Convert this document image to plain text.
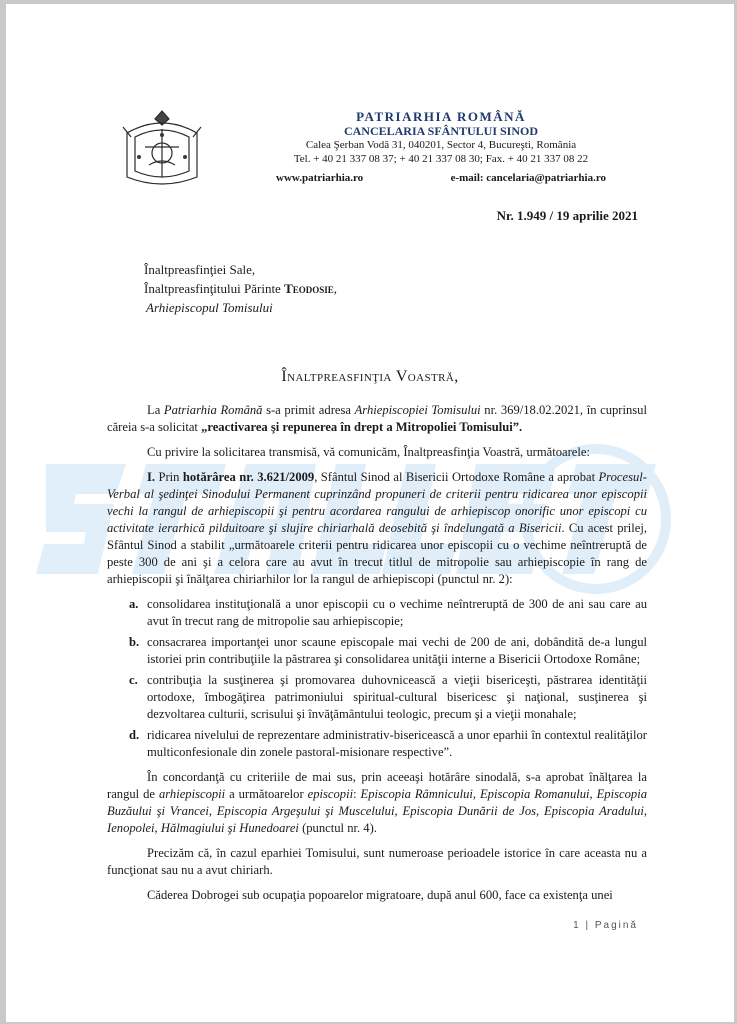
PATRIARHIA ROMÂNĂ
CANCELARIA SFÂNTULUI SINOD
Calea Şerban Vodă 31, 040201, Sector 4, Bucureşti, România
Tel. + 40 21 337 08 37; + 40 21 337 08 30; Fax. + 40 21 337 08 22
www.patriarhia.ro	e-mail: cancelaria@patriarhia.ro
Nr. 1.949 / 19 aprilie 2021
Înaltpreasfinţiei Sale,
Înaltpreasfinţitului Părinte Teodosie,
Arhiepiscopul Tomisului
Înaltpreasfinţia Voastră,

La Patriarhia Română s-a primit adresa Arhiepiscopiei Tomisului nr. 369/18.02.2021, în cuprinsul căreia s-a solicitat „reactivarea şi repunerea în drept a Mitropoliei Tomisului”.

Cu privire la solicitarea transmisă, vă comunicăm, Înaltpreasfinţia Voastră, următoarele:

I. Prin hotărârea nr. 3.621/2009, Sfântul Sinod al Bisericii Ortodoxe Române a aprobat Procesul-Verbal al şedinţei Sinodului Permanent cuprinzând propuneri de criterii pentru ridicarea unor episcopii vechi la rangul de arhiepiscopii şi pentru acordarea rangului de arhiepiscop onorific unor episcopi cu activitate ierarhică pilduitoare şi slujire chiriarhală deosebită şi îndelungată a Bisericii. Cu acest prilej, Sfântul Sinod a stabilit „următoarele criterii pentru ridicarea unor episcopii cu o vechime neîntreruptă de peste 300 de ani şi a celora care au avut în trecut titlul de mitropolie sau arhiepiscopie în rang de arhiepiscopii şi înălţarea chiriarhilor lor la rangul de arhiepiscopi (punctul nr. 2):

a. consolidarea instituţională a unor episcopii cu o vechime neîntreruptă de 300 de ani sau care au avut în trecut rang de mitropolie sau arhiepiscopie;
b. consacrarea importanţei unor scaune episcopale mai vechi de 200 de ani, dobândită de-a lungul istoriei prin contribuţiile la păstrarea şi consolidarea unităţii interne a Bisericii Ortodoxe Române;
c. contribuţia la susţinerea şi promovarea duhovnicească a vieţii bisericeşti, păstrarea identităţii ortodoxe, îmbogăţirea patrimoniului spiritual-cultural bisericesc şi naţional, susţinerea şi dezvoltarea culturii, scrisului şi învăţământului teologic, precum şi a vieţii monahale;
d. ridicarea nivelului de reprezentare administrativ-bisericească a unor eparhii în contextul realităţilor multiconfesionale din zonele pastoral-misionare respective”.

În concordanţă cu criteriile de mai sus, prin aceeaşi hotărâre sinodală, s-a aprobat înălţarea la rangul de arhiepiscopii a următoarelor episcopii: Episcopia Râmnicului, Episcopia Romanului, Episcopia Buzăului şi Vrancei, Episcopia Argeşului şi Muscelului, Episcopia Dunării de Jos, Episcopia Aradului, Ienopolei, Hălmagiului şi Hunedoarei (punctul nr. 4).

Precizăm că, în cazul eparhiei Tomisului, sunt numeroase perioadele istorice în care aceasta nu a funcţionat sau nu a avut chiriarh.

Căderea Dobrogei sub ocupaţia popoarelor migratoare, după anul 600, face ca existenţa unei

1 | Pagină
